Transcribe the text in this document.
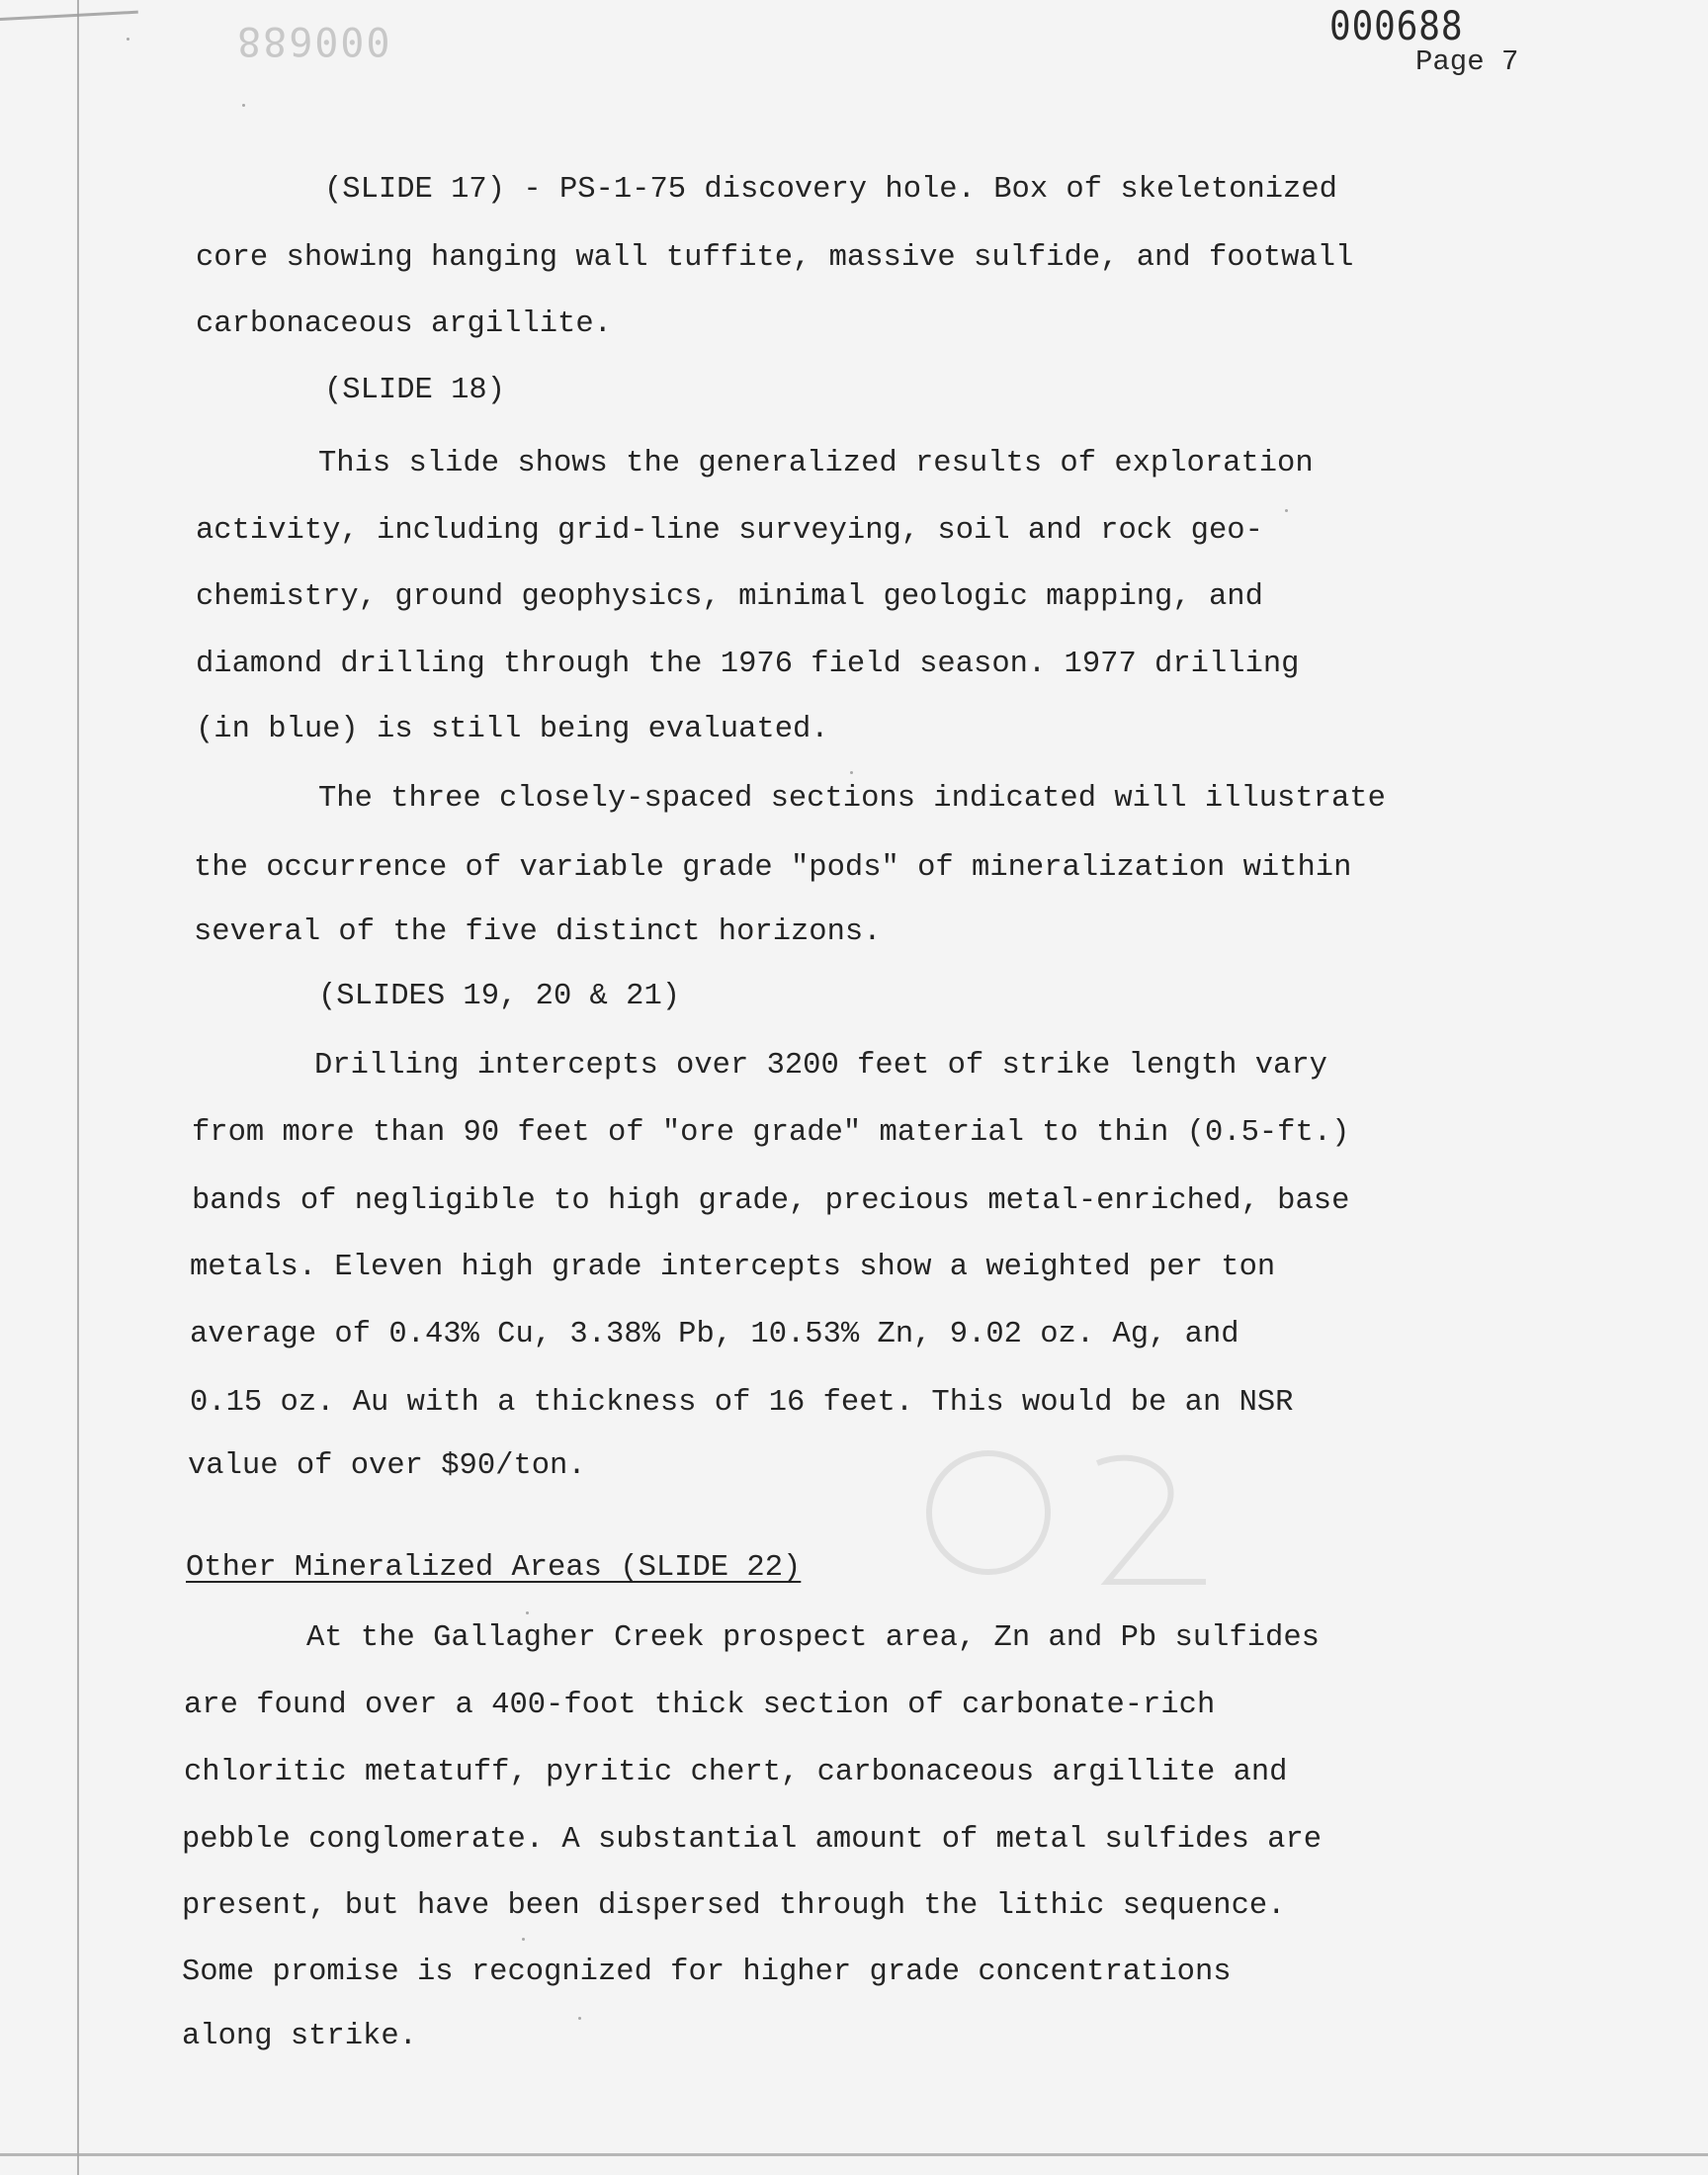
000688	000688
Page 7
(SLIDE 17) - PS-1-75 discovery hole. Box of skeletonized
core showing hanging wall tuffite, massive sulfide, and footwall
carbonaceous argillite.
(SLIDE 18)
This slide shows the generalized results of exploration
activity, including grid-line surveying, soil and rock geo-
chemistry, ground geophysics, minimal geologic mapping, and
diamond drilling through the 1976 field season. 1977 drilling
(in blue) is still being evaluated.
The three closely-spaced sections indicated will illustrate
the occurrence of variable grade "pods" of mineralization within
several of the five distinct horizons.
(SLIDES 19, 20 & 21)
Drilling intercepts over 3200 feet of strike length vary
from more than 90 feet of "ore grade" material to thin (0.5-ft.)
bands of negligible to high grade, precious metal-enriched, base
metals. Eleven high grade intercepts show a weighted per ton
average of 0.43% Cu, 3.38% Pb, 10.53% Zn, 9.02 oz. Ag, and
0.15 oz. Au with a thickness of 16 feet. This would be an NSR
value of over $90/ton.
Other Mineralized Areas (SLIDE 22)
At the Gallagher Creek prospect area, Zn and Pb sulfides
are found over a 400-foot thick section of carbonate-rich
chloritic metatuff, pyritic chert, carbonaceous argillite and
pebble conglomerate. A substantial amount of metal sulfides are
present, but have been dispersed through the lithic sequence.
Some promise is recognized for higher grade concentrations
along strike.
